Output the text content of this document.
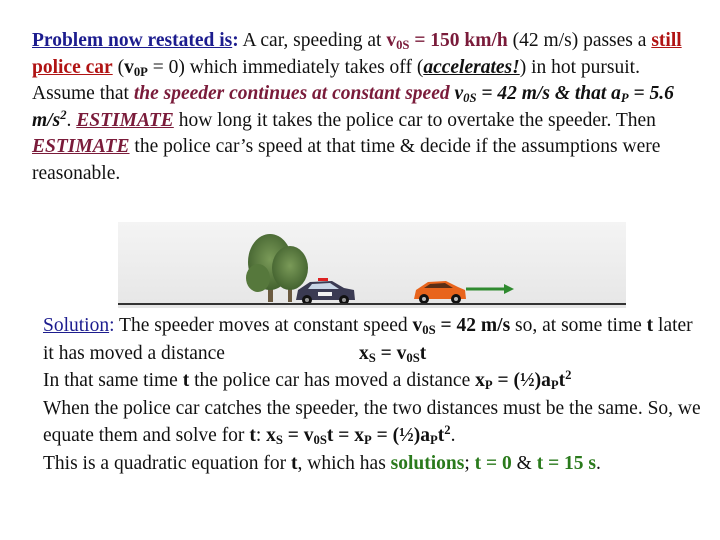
Problem now restated is: A car, speeding at $v_{0S} = 150$ km/h (42 m/s) passes a still police car $(v_{0P} = 0)$ which immediately takes off (accelerates!) in hot pursuit. Assume that the speeder continues at constant speed $v_{0S} = 42$ m/s & that $a_P = 5.6$ $m/s^2$. ESTIMATE how long it takes the police car to overtake the speeder. Then ESTIMATE the police car’s speed at that time & decide if the assumptions were reasonable.
Solution: The speeder moves at constant speed $v_{0S} = 42$ m/s so, at some time t later it has moved a distance	$x_S = v_{0S}t$
In that same time t the police car has moved a distance $x_P$ = $(\frac{1}{2})a_Pt^2$
When the police car catches the speeder, the two distances must be the same. So, we equate them and solve for t: $x_S = v_{0S}t = x_P$ = $(\frac{1}{2})a_Pt^2$.
This is a quadratic equation for t, which has solutions; t = 0 & t = 15 s.
